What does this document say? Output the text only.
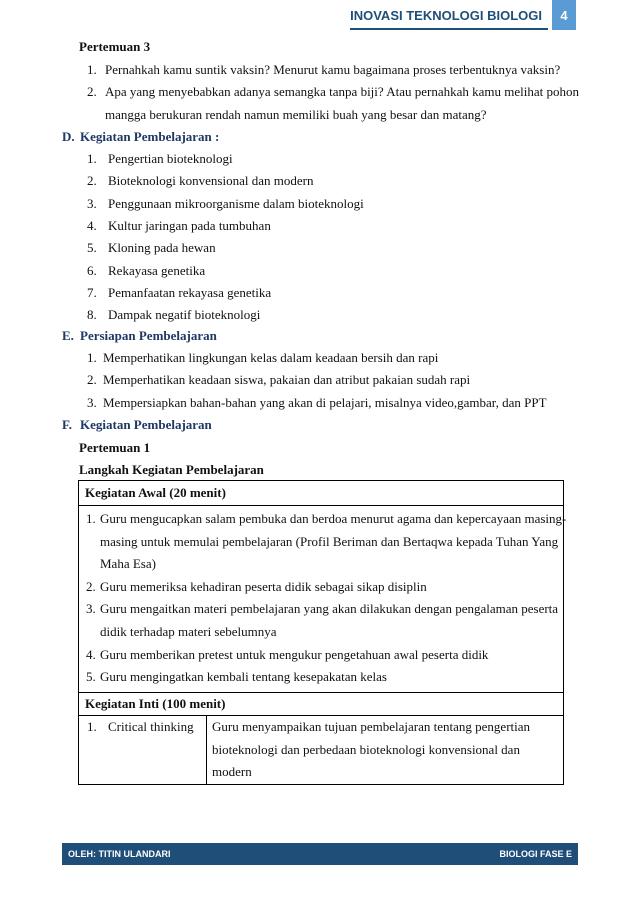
INOVASI TEKNOLOGI BIOLOGI	4
Pertemuan 3
1. Pernahkah kamu suntik vaksin? Menurut kamu bagaimana proses terbentuknya vaksin?
2. Apa yang menyebabkan adanya semangka tanpa biji? Atau pernahkah kamu melihat pohon
mangga berukuran rendah namun memiliki buah yang besar dan matang?
D. Kegiatan Pembelajaran :
1. Pengertian bioteknologi
2. Bioteknologi konvensional dan modern
3. Penggunaan mikroorganisme dalam bioteknologi
4. Kultur jaringan pada tumbuhan
5. Kloning pada hewan
6. Rekayasa genetika
7. Pemanfaatan rekayasa genetika
8. Dampak negatif bioteknologi
E. Persiapan Pembelajaran
1. Memperhatikan lingkungan kelas dalam keadaan bersih dan rapi
2. Memperhatikan keadaan siswa, pakaian dan atribut pakaian sudah rapi
3. Mempersiapkan bahan-bahan yang akan di pelajari, misalnya video,gambar, dan PPT
F. Kegiatan Pembelajaran
Pertemuan 1
Langkah Kegiatan Pembelajaran
Kegiatan Awal (20 menit)

1. Guru mengucapkan salam pembuka dan berdoa menurut agama dan kepercayaan masing-
masing untuk memulai pembelajaran (Profil Beriman dan Bertaqwa kepada Tuhan Yang
Maha Esa)
2. Guru memeriksa kehadiran peserta didik sebagai sikap disiplin
3. Guru mengaitkan materi pembelajaran yang akan dilakukan dengan pengalaman peserta
didik terhadap materi sebelumnya
4. Guru memberikan pretest untuk mengukur pengetahuan awal peserta didik
5. Guru mengingatkan kembali tentang kesepakatan kelas

Kegiatan Inti (100 menit)

1. Critical thinking	Guru menyampaikan tujuan pembelajaran tentang pengertian
bioteknologi dan perbedaan bioteknologi konvensional dan
modern
OLEH: TITIN ULANDARI	BIOLOGI FASE E
